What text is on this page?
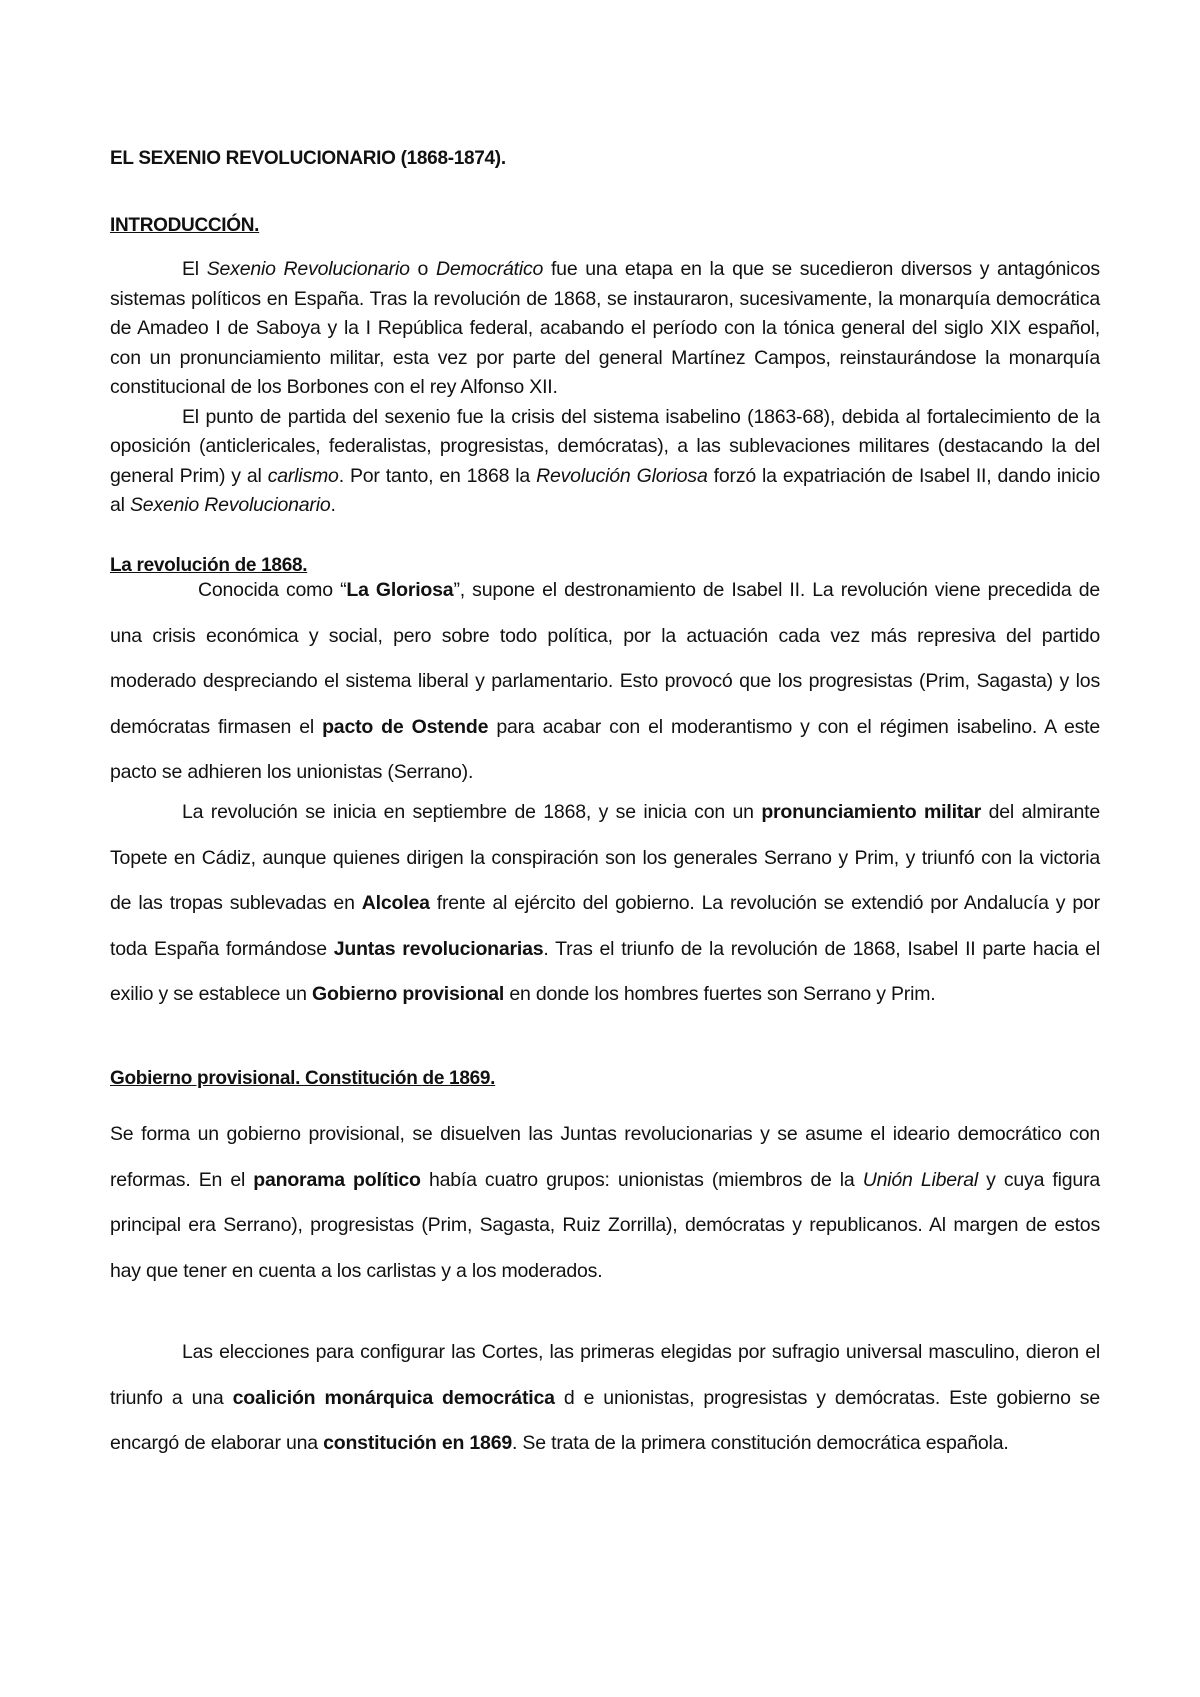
EL SEXENIO REVOLUCIONARIO (1868-1874).
INTRODUCCIÓN.

El Sexenio Revolucionario o Democrático fue una etapa en la que se sucedieron diversos y antagónicos sistemas políticos en España. Tras la revolución de 1868, se instauraron, sucesivamente, la monarquía democrática de Amadeo I de Saboya y la I República federal, acabando el período con la tónica general del siglo XIX español, con un pronunciamiento militar, esta vez por parte del general Martínez Campos, reinstaurándose la monarquía constitucional de los Borbones con el rey Alfonso XII.

El punto de partida del sexenio fue la crisis del sistema isabelino (1863-68), debida al fortalecimiento de la oposición (anticlericales, federalistas, progresistas, demócratas), a las sublevaciones militares (destacando la del general Prim) y al carlismo. Por tanto, en 1868 la Revolución Gloriosa forzó la expatriación de Isabel II, dando inicio al Sexenio Revolucionario.

La revolución de 1868.

Conocida como “La Gloriosa”, supone el destronamiento de Isabel II. La revolución viene precedida de una crisis económica y social, pero sobre todo política, por la actuación cada vez más represiva del partido moderado despreciando el sistema liberal y parlamentario. Esto provocó que los progresistas (Prim, Sagasta) y los demócratas firmasen el pacto de Ostende para acabar con el moderantismo y con el régimen isabelino. A este pacto se adhieren los unionistas (Serrano).

La revolución se inicia en septiembre de 1868, y se inicia con un pronunciamiento militar del almirante Topete en Cádiz, aunque quienes dirigen la conspiración son los generales Serrano y Prim, y triunfó con la victoria de las tropas sublevadas en Alcolea frente al ejército del gobierno. La revolución se extendió por Andalucía y por toda España formándose Juntas revolucionarias. Tras el triunfo de la revolución de 1868, Isabel II parte hacia el exilio y se establece un Gobierno provisional en donde los hombres fuertes son Serrano y Prim.

Gobierno provisional. Constitución de 1869.

Se forma un gobierno provisional, se disuelven las Juntas revolucionarias y se asume el ideario democrático con reformas. En el panorama político había cuatro grupos: unionistas (miembros de la Unión Liberal y cuya figura principal era Serrano), progresistas (Prim, Sagasta, Ruiz Zorrilla), demócratas y republicanos. Al margen de estos hay que tener en cuenta a los carlistas y a los moderados.

Las elecciones para configurar las Cortes, las primeras elegidas por sufragio universal masculino, dieron el triunfo a una coalición monárquica democrática d e unionistas, progresistas y demócratas. Este gobierno se encargó de elaborar una constitución en 1869. Se trata de la primera constitución democrática española.
